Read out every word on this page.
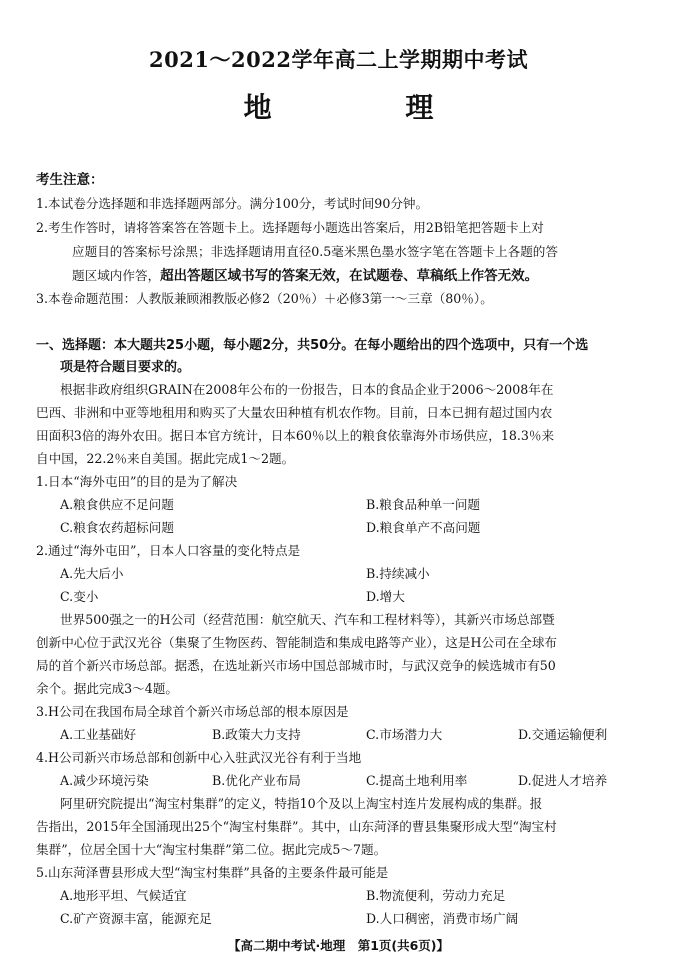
2021～2022学年高二上学期期中考试
地 理
考生注意：
1.本试卷分选择题和非选择题两部分。满分100分，考试时间90分钟。
2.考生作答时，请将答案答在答题卡上。选择题每小题选出答案后，用2B铅笔把答题卡上对
应题目的答案标号涂黑；非选择题请用直径0.5毫米黑色墨水签字笔在答题卡上各题的答
题区域内作答，超出答题区域书写的答案无效，在试题卷、草稿纸上作答无效。
3.本卷命题范围：人教版兼顾湘教版必修2（20％）＋必修3第一～三章（80％）。
一、选择题：本大题共25小题，每小题2分，共50分。在每小题给出的四个选项中，只有一个选
项是符合题目要求的。
根据非政府组织GRAIN在2008年公布的一份报告，日本的食品企业于2006～2008年在
巴西、非洲和中亚等地租用和购买了大量农田种植有机农作物。目前，日本已拥有超过国内农
田面积3倍的海外农田。据日本官方统计，日本60％以上的粮食依靠海外市场供应，18.3％来
自中国，22.2％来自美国。据此完成1～2题。
1.日本“海外屯田”的目的是为了解决
A.粮食供应不足问题	B.粮食品种单一问题
C.粮食农药超标问题	D.粮食单产不高问题
2.通过“海外屯田”，日本人口容量的变化特点是
A.先大后小	B.持续减小
C.变小	D.增大
世界500强之一的H公司（经营范围：航空航天、汽车和工程材料等），其新兴市场总部暨
创新中心位于武汉光谷（集聚了生物医药、智能制造和集成电路等产业），这是H公司在全球布
局的首个新兴市场总部。据悉，在选址新兴市场中国总部城市时，与武汉竞争的候选城市有50
余个。据此完成3～4题。
3.H公司在我国布局全球首个新兴市场总部的根本原因是
A.工业基础好	B.政策大力支持	C.市场潜力大	D.交通运输便利
4.H公司新兴市场总部和创新中心入驻武汉光谷有利于当地
A.减少环境污染	B.优化产业布局	C.提高土地利用率	D.促进人才培养
阿里研究院提出“淘宝村集群”的定义，特指10个及以上淘宝村连片发展构成的集群。报
告指出，2015年全国涌现出25个“淘宝村集群”。其中，山东菏泽的曹县集聚形成大型“淘宝村
集群”，位居全国十大“淘宝村集群”第二位。据此完成5～7题。
5.山东菏泽曹县形成大型“淘宝村集群”具备的主要条件最可能是
A.地形平坦、气候适宜	B.物流便利，劳动力充足
C.矿产资源丰富，能源充足	D.人口稠密，消费市场广阔
【高二期中考试·地理　第1页(共6页)】
